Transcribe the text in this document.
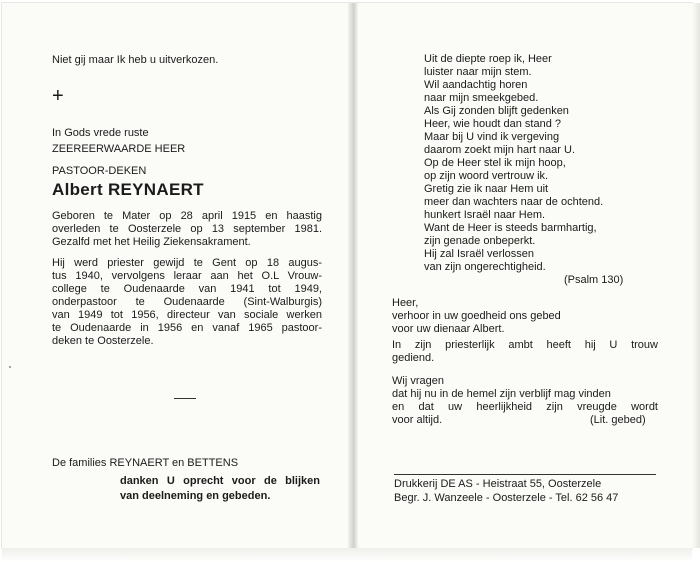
Niet gij maar Ik heb u uitverkozen.
+
In Gods vrede ruste
ZEEREERWAARDE HEER
PASTOOR-DEKEN
Albert REYNAERT
Geboren te Mater op 28 april 1915 en haastig
overleden te Oosterzele op 13 september 1981.
Gezalfd met het Heilig Ziekensakrament.
Hij werd priester gewijd te Gent op 18 augus-
tus 1940, vervolgens leraar aan het O.L Vrouw-
college te Oudenaarde van 1941 tot 1949,
onderpastoor te Oudenaarde (Sint-Walburgis)
van 1949 tot 1956, directeur van sociale werken
te Oudenaarde in 1956 en vanaf 1965 pastoor-
deken te Oosterzele.
De families REYNAERT en BETTENS
danken U oprecht voor de blijken
van deelneming en gebeden.
Uit de diepte roep ik, Heer
luister naar mijn stem.
Wil aandachtig horen
naar mijn smeekgebed.
Als Gij zonden blijft gedenken
Heer, wie houdt dan stand ?
Maar bij U vind ik vergeving
daarom zoekt mijn hart naar U.
Op de Heer stel ik mijn hoop,
op zijn woord vertrouw ik.
Gretig zie ik naar Hem uit
meer dan wachters naar de ochtend.
hunkert Israël naar Hem.
Want de Heer is steeds barmhartig,
zijn genade onbeperkt.
Hij zal Israël verlossen
van zijn ongerechtigheid.
(Psalm 130)
Heer,
verhoor in uw goedheid ons gebed
voor uw dienaar Albert.
In zijn priesterlijk ambt heeft hij U trouw
gediend.
Wij vragen
dat hij nu in de hemel zijn verblijf mag vinden
en dat uw heerlijkheid zijn vreugde wordt
voor altijd.	(Lit. gebed)
Drukkerij DE AS - Heistraat 55, Oosterzele
Begr. J. Wanzeele - Oosterzele - Tel. 62 56 47
